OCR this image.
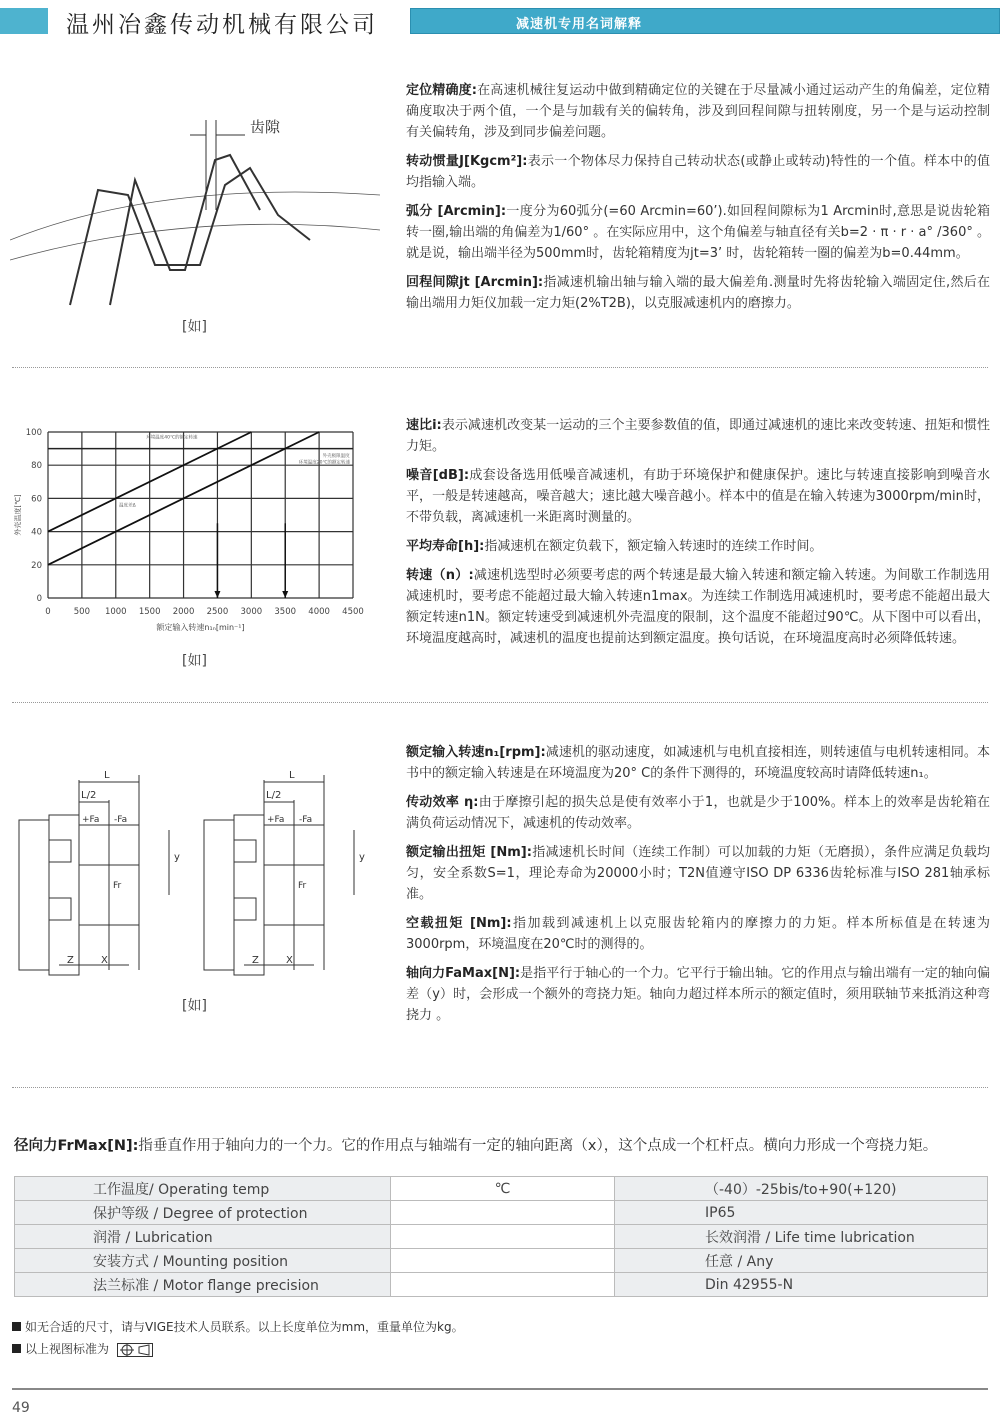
温州冶鑫传动机械有限公司	减速机专用名词解释
齿隙
[如]

定位精确度:在高速机械往复运动中做到精确定位的关键在于尽量减小通过运动产生的角偏差，定位精确度取决于两个值，一个是与加载有关的偏转角，涉及到回程间隙与扭转刚度，另一个是与运动控制有关偏转角，涉及到同步偏差问题。

转动惯量J[Kgcm²]:表示一个物体尽力保持自己转动状态(或静止或转动)特性的一个值。样本中的值均指输入端。

弧分 [Arcmin]:一度分为60弧分(=60 Arcmin=60’).如回程间隙标为1 Arcmin时,意思是说齿轮箱转一圈,输出端的角偏差为1/60° 。在实际应用中，这个角偏差与轴直径有关b=2 · π · r · a° /360° 。就是说，输出端半径为500mm时，齿轮箱精度为jt=3’ 时，齿轮箱转一圈的偏差为b=0.44mm。

回程间隙jt [Arcmin]:指减速机输出轴与输入端的最大偏差角.测量时先将齿轮输入端固定住,然后在输出端用力矩仪加载一定力矩(2%T2B)，以克服减速机内的磨擦力。

0	500 1000 1500 2000 2500 3000 3500 4000 4500
0
20
40
60
80
100
环境温度40℃的额定转速
外壳极限温度
环境温度20℃的额定转速
温度差Δ
额定输入转速n₁ₙ[min⁻¹]
外壳温度[℃]
[如]

速比i:表示减速机改变某一运动的三个主要参数值的值，即通过减速机的速比来改变转速、扭矩和惯性力矩。

噪音[dB]:成套设备选用低噪音减速机，有助于环境保护和健康保护。速比与转速直接影响到噪音水平，一般是转速越高，噪音越大；速比越大噪音越小。样本中的值是在输入转速为3000rpm/min时，不带负载，离减速机一米距离时测量的。

平均寿命[h]:指减速机在额定负载下，额定输入转速时的连续工作时间。

转速（n）:减速机选型时必须要考虑的两个转速是最大输入转速和额定输入转速。为间歇工作制选用减速机时，要考虑不能超过最大输入转速n1max。为连续工作制选用减速机时，要考虑不能超出最大额定转速n1N。额定转速受到减速机外壳温度的限制，这个温度不能超过90℃。从下图中可以看出，环境温度越高时，减速机的温度也提前达到额定温度。换句话说，在环境温度高时必须降低转速。

L
L/2
+Fa -Fa
Fr
y
Z	X
L
L/2
+Fa -Fa
Fr
y
Z	X
[如]

额定输入转速n₁[rpm]:减速机的驱动速度，如减速机与电机直接相连，则转速值与电机转速相同。本书中的额定输入转速是在环境温度为20° C的条件下测得的，环境温度较高时请降低转速n₁。

传动效率 η:由于摩擦引起的损失总是使有效率小于1，也就是少于100%。样本上的效率是齿轮箱在满负荷运动情况下，减速机的传动效率。

额定输出扭矩 [Nm]:指减速机长时间（连续工作制）可以加载的力矩（无磨损），条件应满足负载均匀，安全系数S=1，理论寿命为20000小时；T2N值遵守ISO DP 6336齿轮标准与ISO 281轴承标准。

空载扭矩 [Nm]:指加载到减速机上以克服齿轮箱内的摩擦力的力矩。样本所标值是在转速为3000rpm，环境温度在20℃时的测得的。

轴向力FaMax[N]:是指平行于轴心的一个力。它平行于输出轴。它的作用点与输出端有一定的轴向偏差（y）时，会形成一个额外的弯挠力矩。轴向力超过样本所示的额定值时，须用联轴节来抵消这种弯挠力 。

径向力FrMax[N]:指垂直作用于轴向力的一个力。它的作用点与轴端有一定的轴向距离（x），这个点成一个杠杆点。横向力形成一个弯挠力矩。
工作温度/ Operating temp	℃	（-40）-25bis/to+90(+120)
保护等级 / Degree of protection		IP65
润滑 / Lubrication		长效润滑 / Life time lubrication
安装方式 / Mounting position		任意 / Any
法兰标准 / Motor flange precision		Din 42955-N
如无合适的尺寸，请与VIGE技术人员联系。以上长度单位为mm，重量单位为kg。
以上视图标准为
49
